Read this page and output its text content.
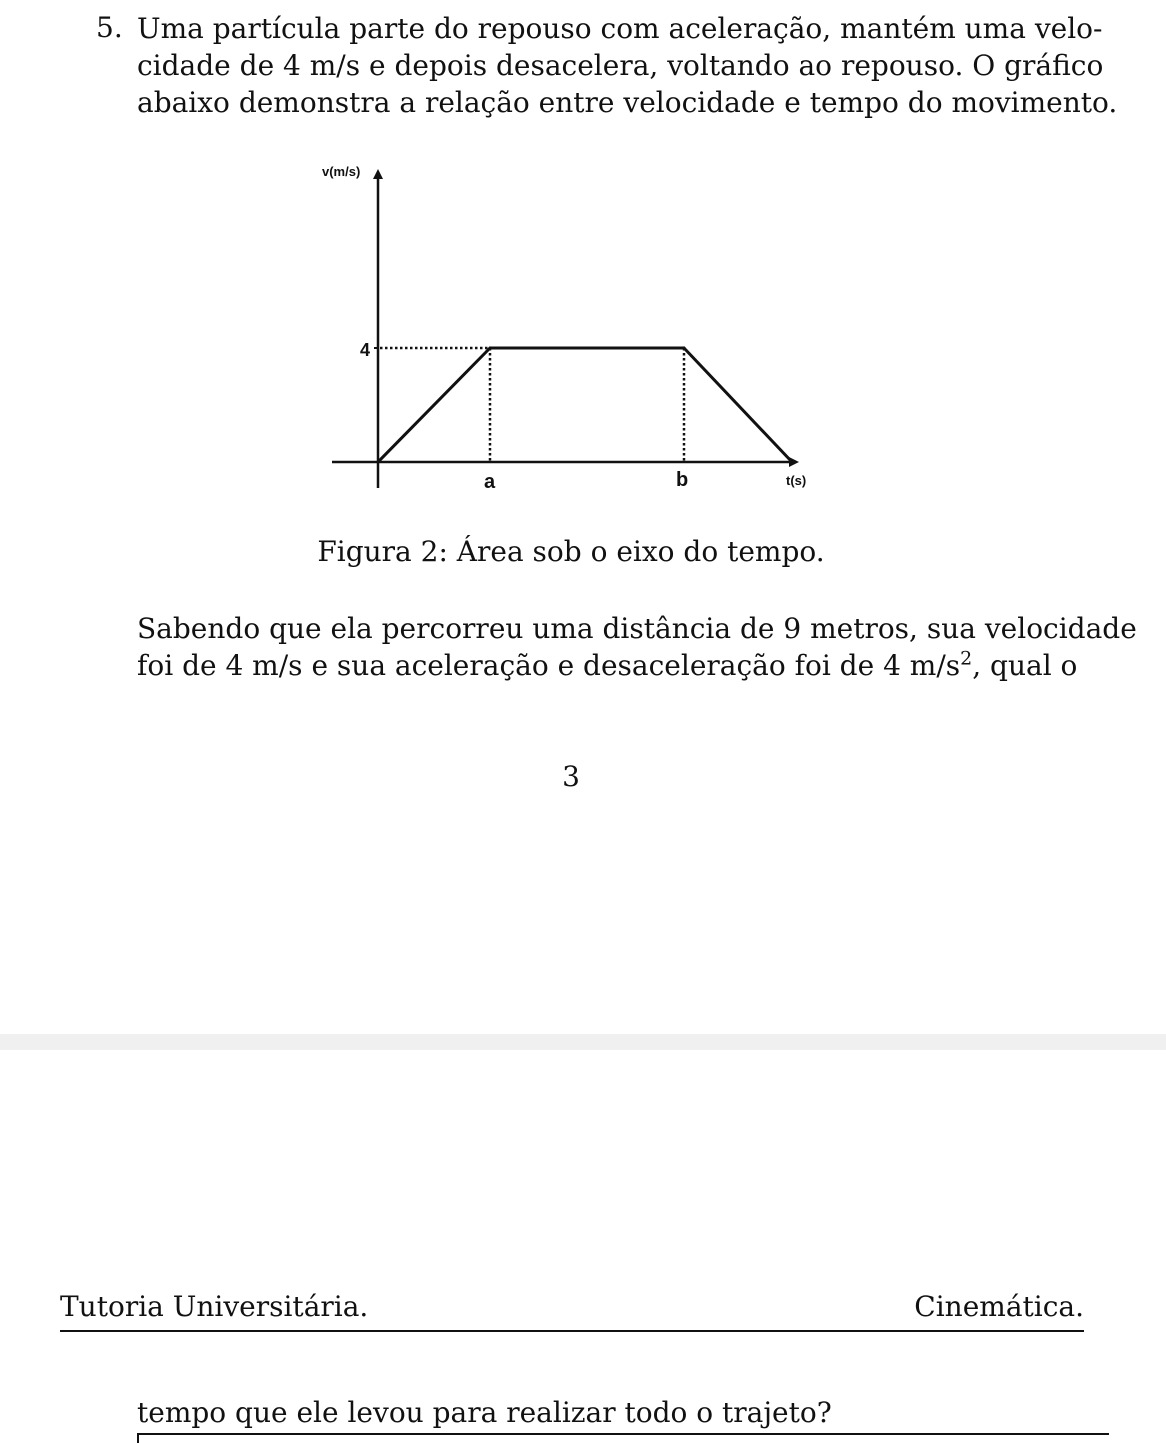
5. Uma partícula parte do repouso com aceleração, mantém uma velo-
cidade de 4 m/s e depois desacelera, voltando ao repouso. O gráfico
abaixo demonstra a relação entre velocidade e tempo do movimento.
v(m/s)
t(s)
4
a	b
Figura 2: Área sob o eixo do tempo.
Sabendo que ela percorreu uma distância de 9 metros, sua velocidade
foi de 4 m/s e sua aceleração e desaceleração foi de 4 $m/s^2$, qual o
3
Tutoria Universitária.	Cinemática.
tempo que ele levou para realizar todo o trajeto?
